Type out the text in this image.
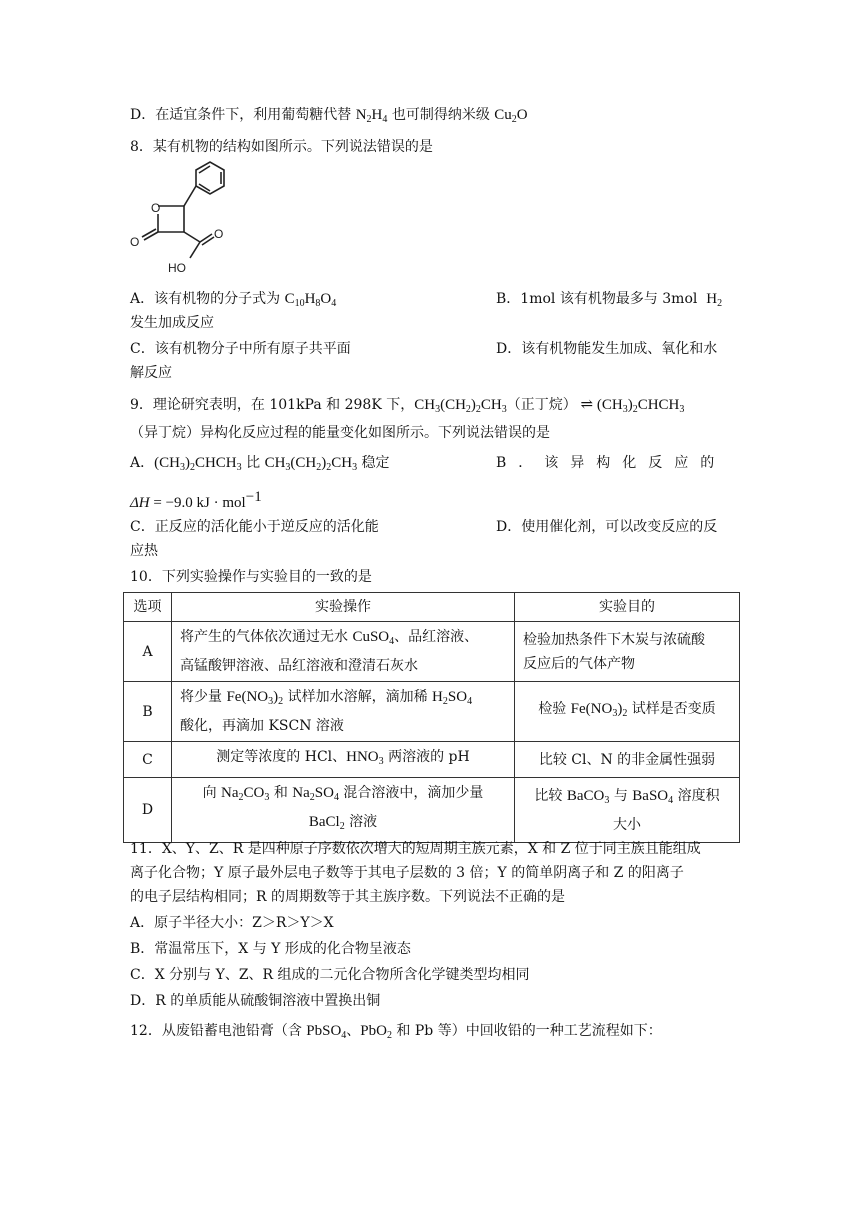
D．在适宜条件下，利用葡萄糖代替 $N_2H_4$ 也可制得纳米级 $Cu_2O$
8．某有机物的结构如图所示。下列说法错误的是
O
O
O
HO
A．该有机物的分子式为 $C_{10}H_8O_4$	B．1mol 该有机物最多与 3mol $H_2$
发生加成反应
C．该有机物分子中所有原子共平面	D．该有机物能发生加成、氧化和水
解反应
9．理论研究表明，在 101kPa 和 298K 下，$CH_3(CH_2)_2CH_3$（正丁烷） ⇌ $(CH_3)_2CHCH_3$
（异丁烷）异构化反应过程的能量变化如图所示。下列说法错误的是
A．$(CH_3)_2CHCH_3$ 比 $CH_3(CH_2)_2CH_3$ 稳定	B．该异构化反应的
ΔH = −9.0 kJ · mol$^{-1}$
C．正反应的活化能小于逆反应的活化能	D．使用催化剂，可以改变反应的反
应热
10．下列实验操作与实验目的一致的是
选项	实验操作	实验目的
A	将产生的气体依次通过无水 CuSO$_4$、品红溶液、
高锰酸钾溶液、品红溶液和澄清石灰水	检验加热条件下木炭与浓硫酸
反应后的气体产物
B	将少量 $Fe(NO_3)_2$ 试样加水溶解，滴加稀 $H_2SO_4$
酸化，再滴加 KSCN 溶液	检验 $Fe(NO_3)_2$ 试样是否变质
C	测定等浓度的 HCl、$HNO_3$ 两溶液的 pH	比较 Cl、N 的非金属性强弱
D	向 $Na_2CO_3$ 和 $Na_2SO_4$ 混合溶液中，滴加少量
BaCl$_2$ 溶液	比较 BaCO$_3$ 与 BaSO$_4$ 溶度积
大小
11．X、Y、Z、R 是四种原子序数依次增大的短周期主族元素，X 和 Z 位于同主族且能组成
离子化合物；Y 原子最外层电子数等于其电子层数的 3 倍；Y 的简单阴离子和 Z 的阳离子
的电子层结构相同；R 的周期数等于其主族序数。下列说法不正确的是
A．原子半径大小：Z＞R＞Y＞X
B．常温常压下，X 与 Y 形成的化合物呈液态
C．X 分别与 Y、Z、R 组成的二元化合物所含化学键类型均相同
D．R 的单质能从硫酸铜溶液中置换出铜
12．从废铅蓄电池铅膏（含 PbSO$_4$、PbO$_2$ 和 Pb 等）中回收铅的一种工艺流程如下：
